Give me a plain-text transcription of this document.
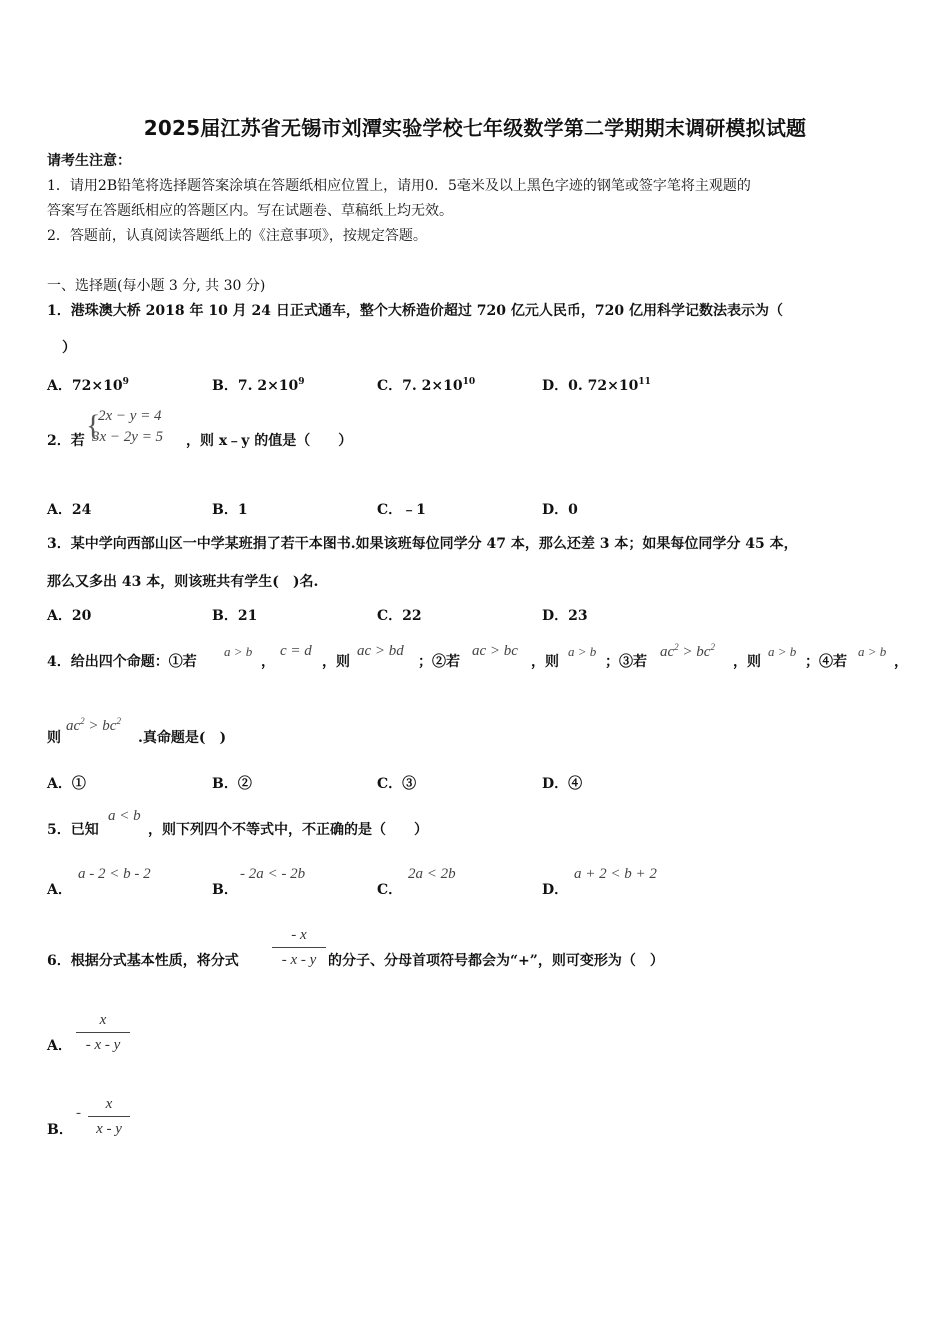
2025届江苏省无锡市刘潭实验学校七年级数学第二学期期末调研模拟试题
请考生注意：
1．请用2B铅笔将选择题答案涂填在答题纸相应位置上，请用0．5毫米及以上黑色字迹的钢笔或签字笔将主观题的
答案写在答题纸相应的答题区内。写在试题卷、草稿纸上均无效。
2．答题前，认真阅读答题纸上的《注意事项》，按规定答题。
一、选择题(每小题 3 分, 共 30 分)
1．港珠澳大桥 2018 年 10 月 24 日正式通车，整个大桥造价超过 720 亿元人民币，720 亿用科学记数法表示为（
）
A．$72\times 10^9$	B．7. $2\times 10^9$	C．7. $2\times 10^{10}$	D．0. $72\times 10^{11}$
2．若 {
2x − y = 4
3x − 2y = 5 ，则 x﹣y 的值是（　　）
A．24	B．1	C．﹣1	D．0
3．某中学向西部山区一中学某班捐了若干本图书.如果该班每位同学分 47 本，那么还差 3 本；如果每位同学分 45 本，
那么又多出 43 本，则该班共有学生(　)名.
A．20	B．21	C．22	D．23
4．给出四个命题：①若
a > b
，
c = d
，则
ac > bd
；②若
ac > bc
，则
a > b
；③若
$ac^2 > bc^2$
，则
a > b
；④若
a > b
，
则
$ac^2 > bc^2$
.真命题是(　)
A．①	B．②	C．③	D．④
5．已知
a < b
，则下列四个不等式中，不正确的是（　　）
A．
a - 2 < b - 2
B．
- 2a < - 2b
C．
2a < 2b
D．
a + 2 < b + 2
6．根据分式基本性质，将分式
- x
- x - y 的分子、分母首项符号都会为“+”，则可变形为（　）
A．
x
- x - y
B．
-
x
x - y
